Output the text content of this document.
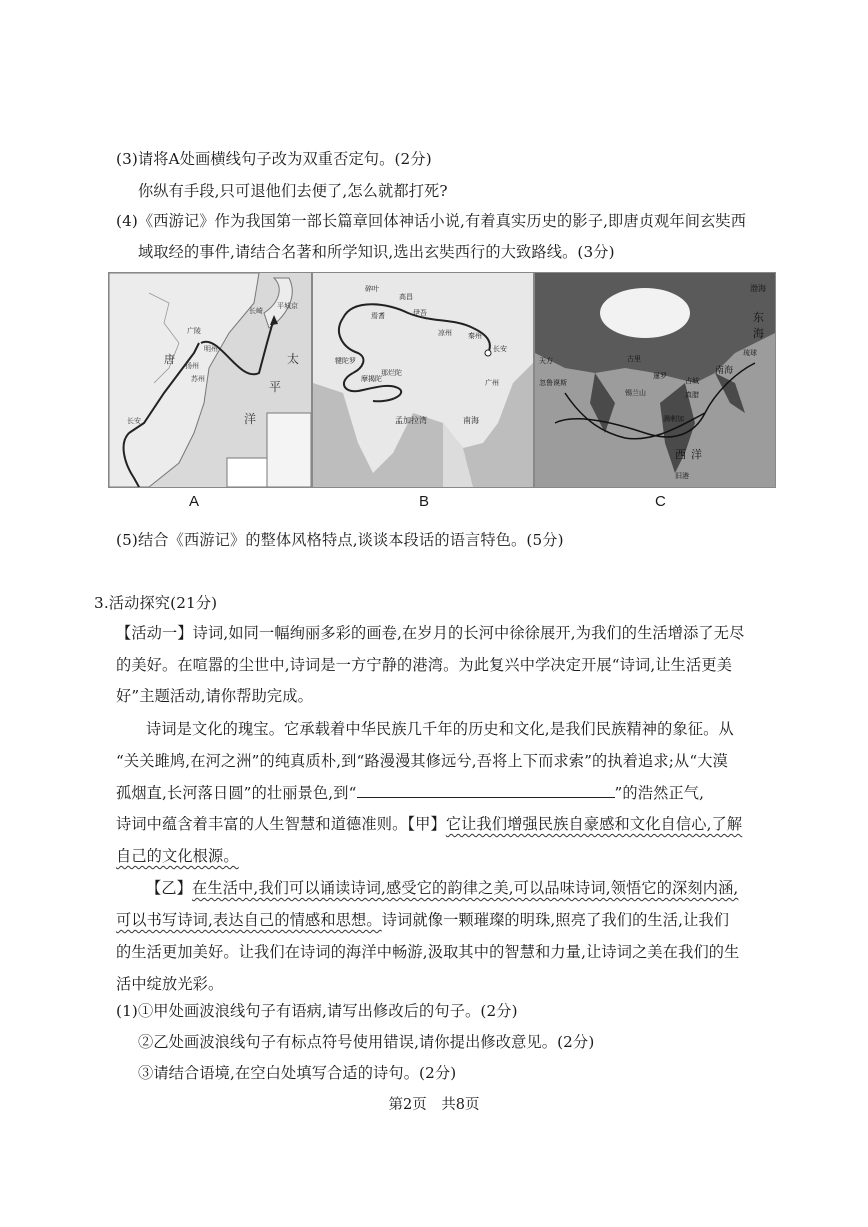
(3)请将A处画横线句子改为双重否定句。(2分)
你纵有手段,只可退他们去便了,怎么就都打死?
(4)《西游记》作为我国第一部长篇章回体神话小说,有着真实历史的影子,即唐贞观年间玄奘西
域取经的事件,请结合名著和所学知识,选出玄奘西行的大致路线。(3分)
唐	太
平
洋
长安
扬州
广陵
苏州
明州
长崎
平城京
A
碎叶
高昌
焉耆	伊吾
凉州 秦州
长安
犍陀罗
摩揭陀
那烂陀
孟加拉湾	南海
广州
B
渤海
东
海
南海
西 洋
琉球
天方
忽鲁谟斯
古里
锡兰山
满剌加
旧港
占城
真腊
暹罗
C
(5)结合《西游记》的整体风格特点,谈谈本段话的语言特色。(5分)
3.活动探究(21分)
【活动一】诗词,如同一幅绚丽多彩的画卷,在岁月的长河中徐徐展开,为我们的生活增添了无尽
的美好。在喧嚣的尘世中,诗词是一方宁静的港湾。为此复兴中学决定开展“诗词,让生活更美
好”主题活动,请你帮助完成。
诗词是文化的瑰宝。它承载着中华民族几千年的历史和文化,是我们民族精神的象征。从
“关关雎鸠,在河之洲”的纯真质朴,到“路漫漫其修远兮,吾将上下而求索”的执着追求;从“大漠
孤烟直,长河落日圆”的壮丽景色,到“	”的浩然正气,
诗词中蕴含着丰富的人生智慧和道德准则。【甲】它让我们增强民族自豪感和文化自信心,了解
自己的文化根源。
【乙】在生活中,我们可以诵读诗词,感受它的韵律之美,可以品味诗词,领悟它的深刻内涵,
可以书写诗词,表达自己的情感和思想。诗词就像一颗璀璨的明珠,照亮了我们的生活,让我们
的生活更加美好。让我们在诗词的海洋中畅游,汲取其中的智慧和力量,让诗词之美在我们的生
活中绽放光彩。
(1)①甲处画波浪线句子有语病,请写出修改后的句子。(2分)
②乙处画波浪线句子有标点符号使用错误,请你提出修改意见。(2分)
③请结合语境,在空白处填写合适的诗句。(2分)
第2页　共8页
